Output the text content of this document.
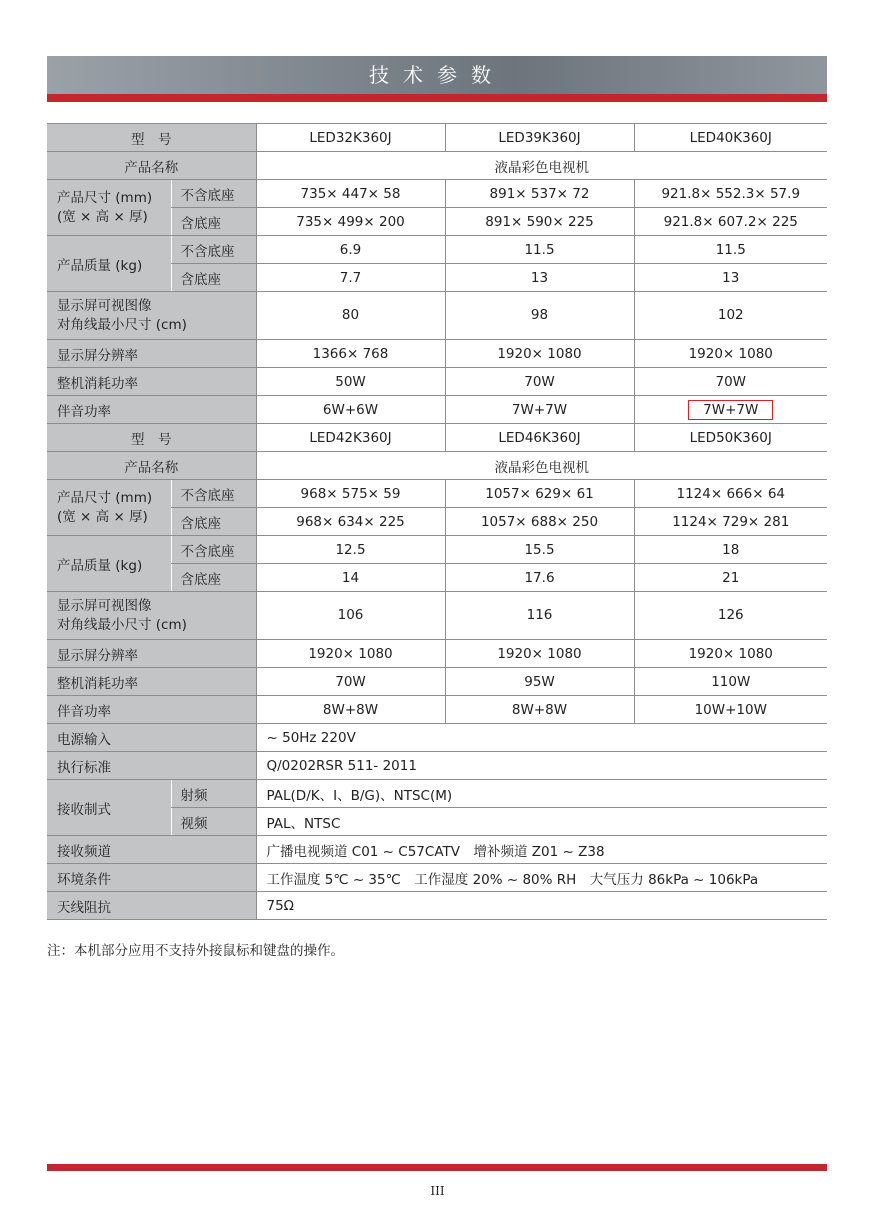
技术参数
型　号		LED32K360J	LED39K360J	LED40K360J
产品名称		液晶彩色电视机		
产品尺寸 (mm)
(宽 × 高 × 厚)	不含底座	735× 447× 58	891× 537× 72	921.8× 552.3× 57.9
	含底座	735× 499× 200	891× 590× 225	921.8× 607.2× 225
产品质量 (kg)	不含底座	6.9	11.5	11.5
	含底座	7.7	13	13
显示屏可视图像
对角线最小尺寸 (cm)		80	98	102
显示屏分辨率		1366× 768	1920× 1080	1920× 1080
整机消耗功率		50W	70W	70W
伴音功率		6W+6W	7W+7W	7W+7W
型　号		LED42K360J	LED46K360J	LED50K360J
产品名称		液晶彩色电视机		
产品尺寸 (mm)
(宽 × 高 × 厚)	不含底座	968× 575× 59	1057× 629× 61	1124× 666× 64
	含底座	968× 634× 225	1057× 688× 250	1124× 729× 281
产品质量 (kg)	不含底座	12.5	15.5	18
	含底座	14	17.6	21
显示屏可视图像
对角线最小尺寸 (cm)		106	116	126
显示屏分辨率		1920× 1080	1920× 1080	1920× 1080
整机消耗功率		70W	95W	110W
伴音功率		8W+8W	8W+8W	10W+10W
电源输入		~ 50Hz 220V		
执行标准		Q/0202RSR 511- 2011		
接收制式	射频	PAL(D/K、I、B/G)、NTSC(M)		
	视频	PAL、NTSC		
接收频道		广播电视频道 C01 ~ C57CATV　增补频道 Z01 ~ Z38		
环境条件		工作温度 5℃ ~ 35℃　工作湿度 20% ~ 80% RH　大气压力 86kPa ~ 106kPa		
天线阻抗		75Ω		
注：本机部分应用不支持外接鼠标和键盘的操作。
III
